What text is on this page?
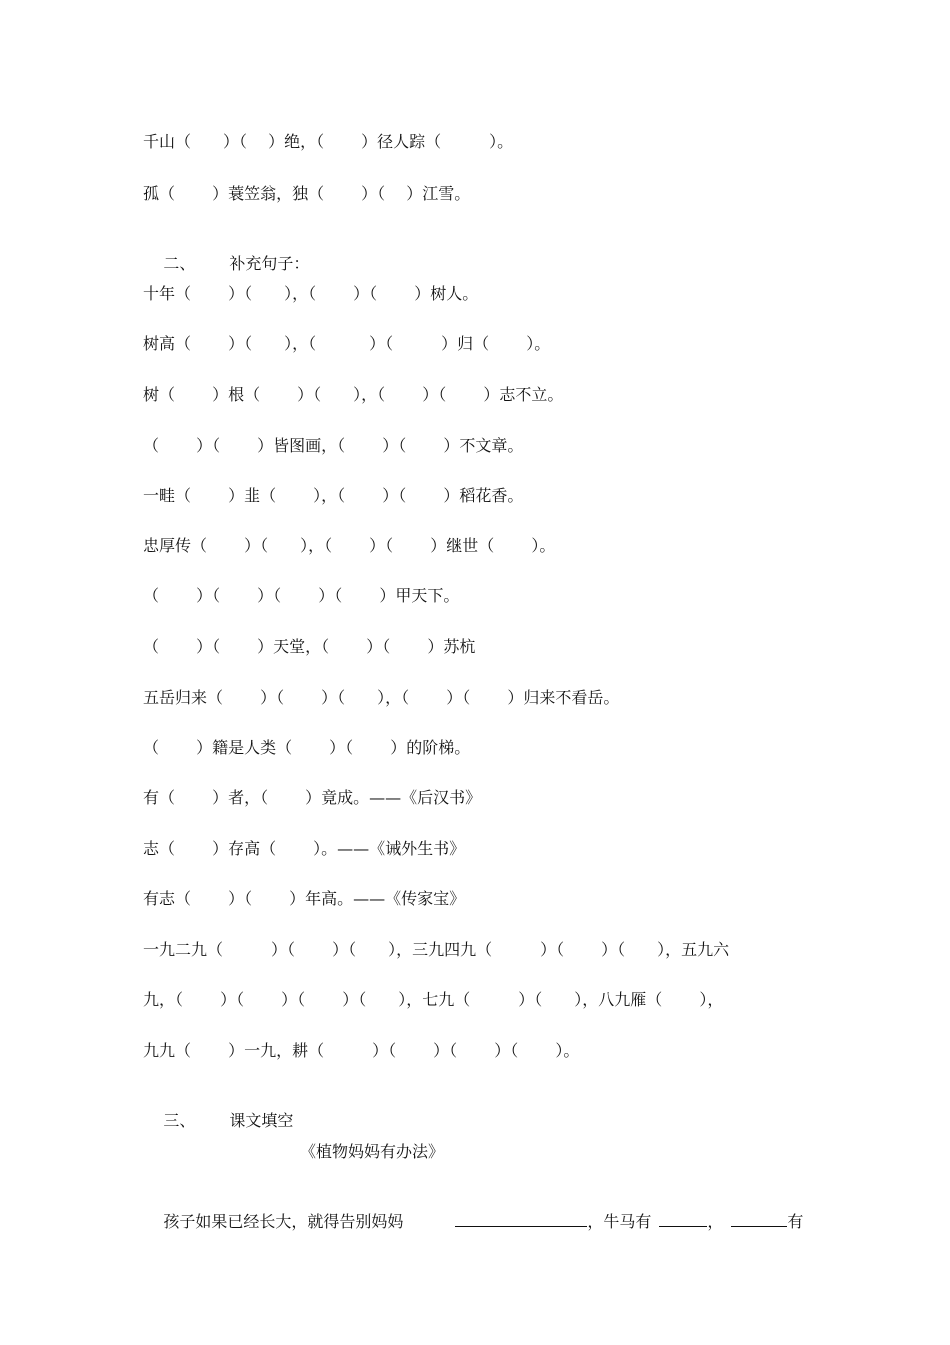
千山（　　）（　 ）绝，（　　 ）径人踪（　　　）。
孤（　　 ）蓑笠翁，独（　　 ）（　 ）江雪。

二、 补充句子：

十年（　　 ）（　　），（　　 ）（　　 ）树人。
树高（　　 ）（　　），（　　　 ）（　　　）归（　　 ）。
树（　　 ）根（　　 ）（　　），（　　 ）（　　 ）志不立。
（　　 ）（　　 ）皆图画，（　　 ）（　　 ）不文章。
一畦（　　 ）韭（　　 ），（　　 ）（　　 ）稻花香。
忠厚传（　　 ）（　　），（　　 ）（　　 ）继世（　　 ）。
（　　 ）（　　 ）（　　 ）（　　 ）甲天下。
（　　 ）（　　 ）天堂，（　　 ）（　　 ）苏杭
五岳归来（　　 ）（　　 ）（　　），（　　 ）（　　 ）归来不看岳。
（　　 ）籍是人类（　　 ）（　　 ）的阶梯。
有（　　 ）者，（　　 ）竟成。——《后汉书》
志（　　 ）存高（　　 ）。——《诫外生书》
有志（　　 ）（　　 ）年高。——《传家宝》
一九二九（　　　）（　　 ）（　　），三九四九（　　　）（　　 ）（　　），五九六
九，（　　 ）（　　 ）（　　 ）（　　），七九（　　　）（　　），八九雁（　　 ），
九九（　　 ）一九，耕（　　　）（　　 ）（　　 ）（　　 ）。

三、 课文填空

《植物妈妈有办法》

孩子如果已经长大，就得告别妈妈	，牛马有	，	有
